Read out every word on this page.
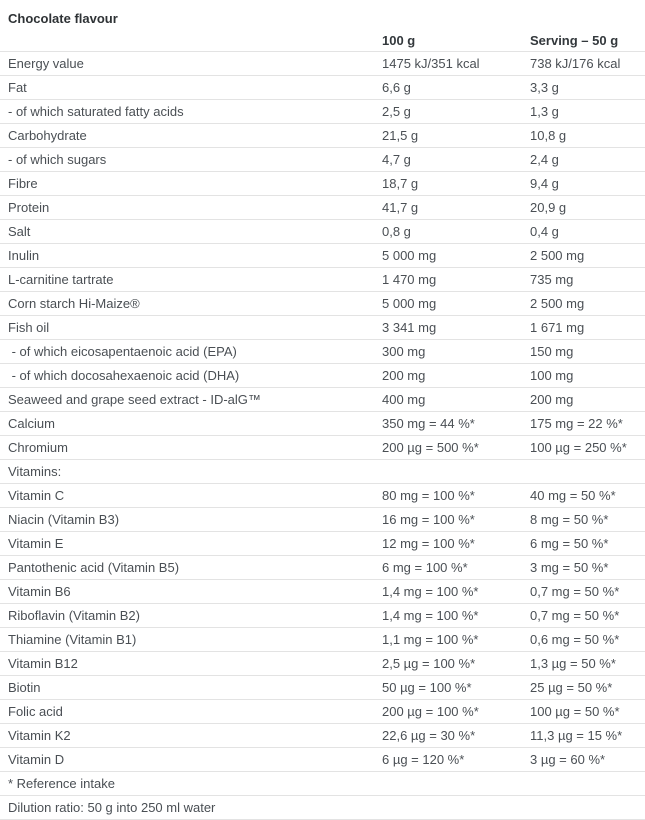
Chocolate flavour
	100 g	Serving – 50 g
Energy value	1475 kJ/351 kcal	738 kJ/176 kcal
Fat	6,6 g	3,3 g
- of which saturated fatty acids	2,5 g	1,3 g
Carbohydrate	21,5 g	10,8 g
- of which sugars	4,7 g	2,4 g
Fibre	18,7 g	9,4 g
Protein	41,7 g	20,9 g
Salt	0,8 g	0,4 g
Inulin	5 000 mg	2 500 mg
L-carnitine tartrate	1 470 mg	735 mg
Corn starch Hi-Maize®	5 000 mg	2 500 mg
Fish oil	3 341 mg	1 671 mg
- of which eicosapentaenoic acid (EPA)	300 mg	150 mg
- of which docosahexaenoic acid (DHA)	200 mg	100 mg
Seaweed and grape seed extract - ID-alG™	400 mg	200 mg
Calcium	350 mg = 44 %*	175 mg = 22 %*
Chromium	200 µg = 500 %*	100 µg = 250 %*
Vitamins:		
Vitamin C	80 mg = 100 %*	40 mg = 50 %*
Niacin (Vitamin B3)	16 mg = 100 %*	8 mg = 50 %*
Vitamin E	12 mg = 100 %*	6 mg = 50 %*
Pantothenic acid (Vitamin B5)	6 mg = 100 %*	3 mg = 50 %*
Vitamin B6	1,4 mg = 100 %*	0,7 mg = 50 %*
Riboflavin (Vitamin B2)	1,4 mg = 100 %*	0,7 mg = 50 %*
Thiamine (Vitamin B1)	1,1 mg = 100 %*	0,6 mg = 50 %*
Vitamin B12	2,5 µg = 100 %*	1,3 µg = 50 %*
Biotin	50 µg = 100 %*	25 µg = 50 %*
Folic acid	200 µg = 100 %*	100 µg = 50 %*
Vitamin K2	22,6 µg = 30 %*	11,3 µg = 15 %*
Vitamin D	6 µg = 120 %*	3 µg = 60 %*
* Reference intake		
Dilution ratio: 50 g into 250 ml water		
